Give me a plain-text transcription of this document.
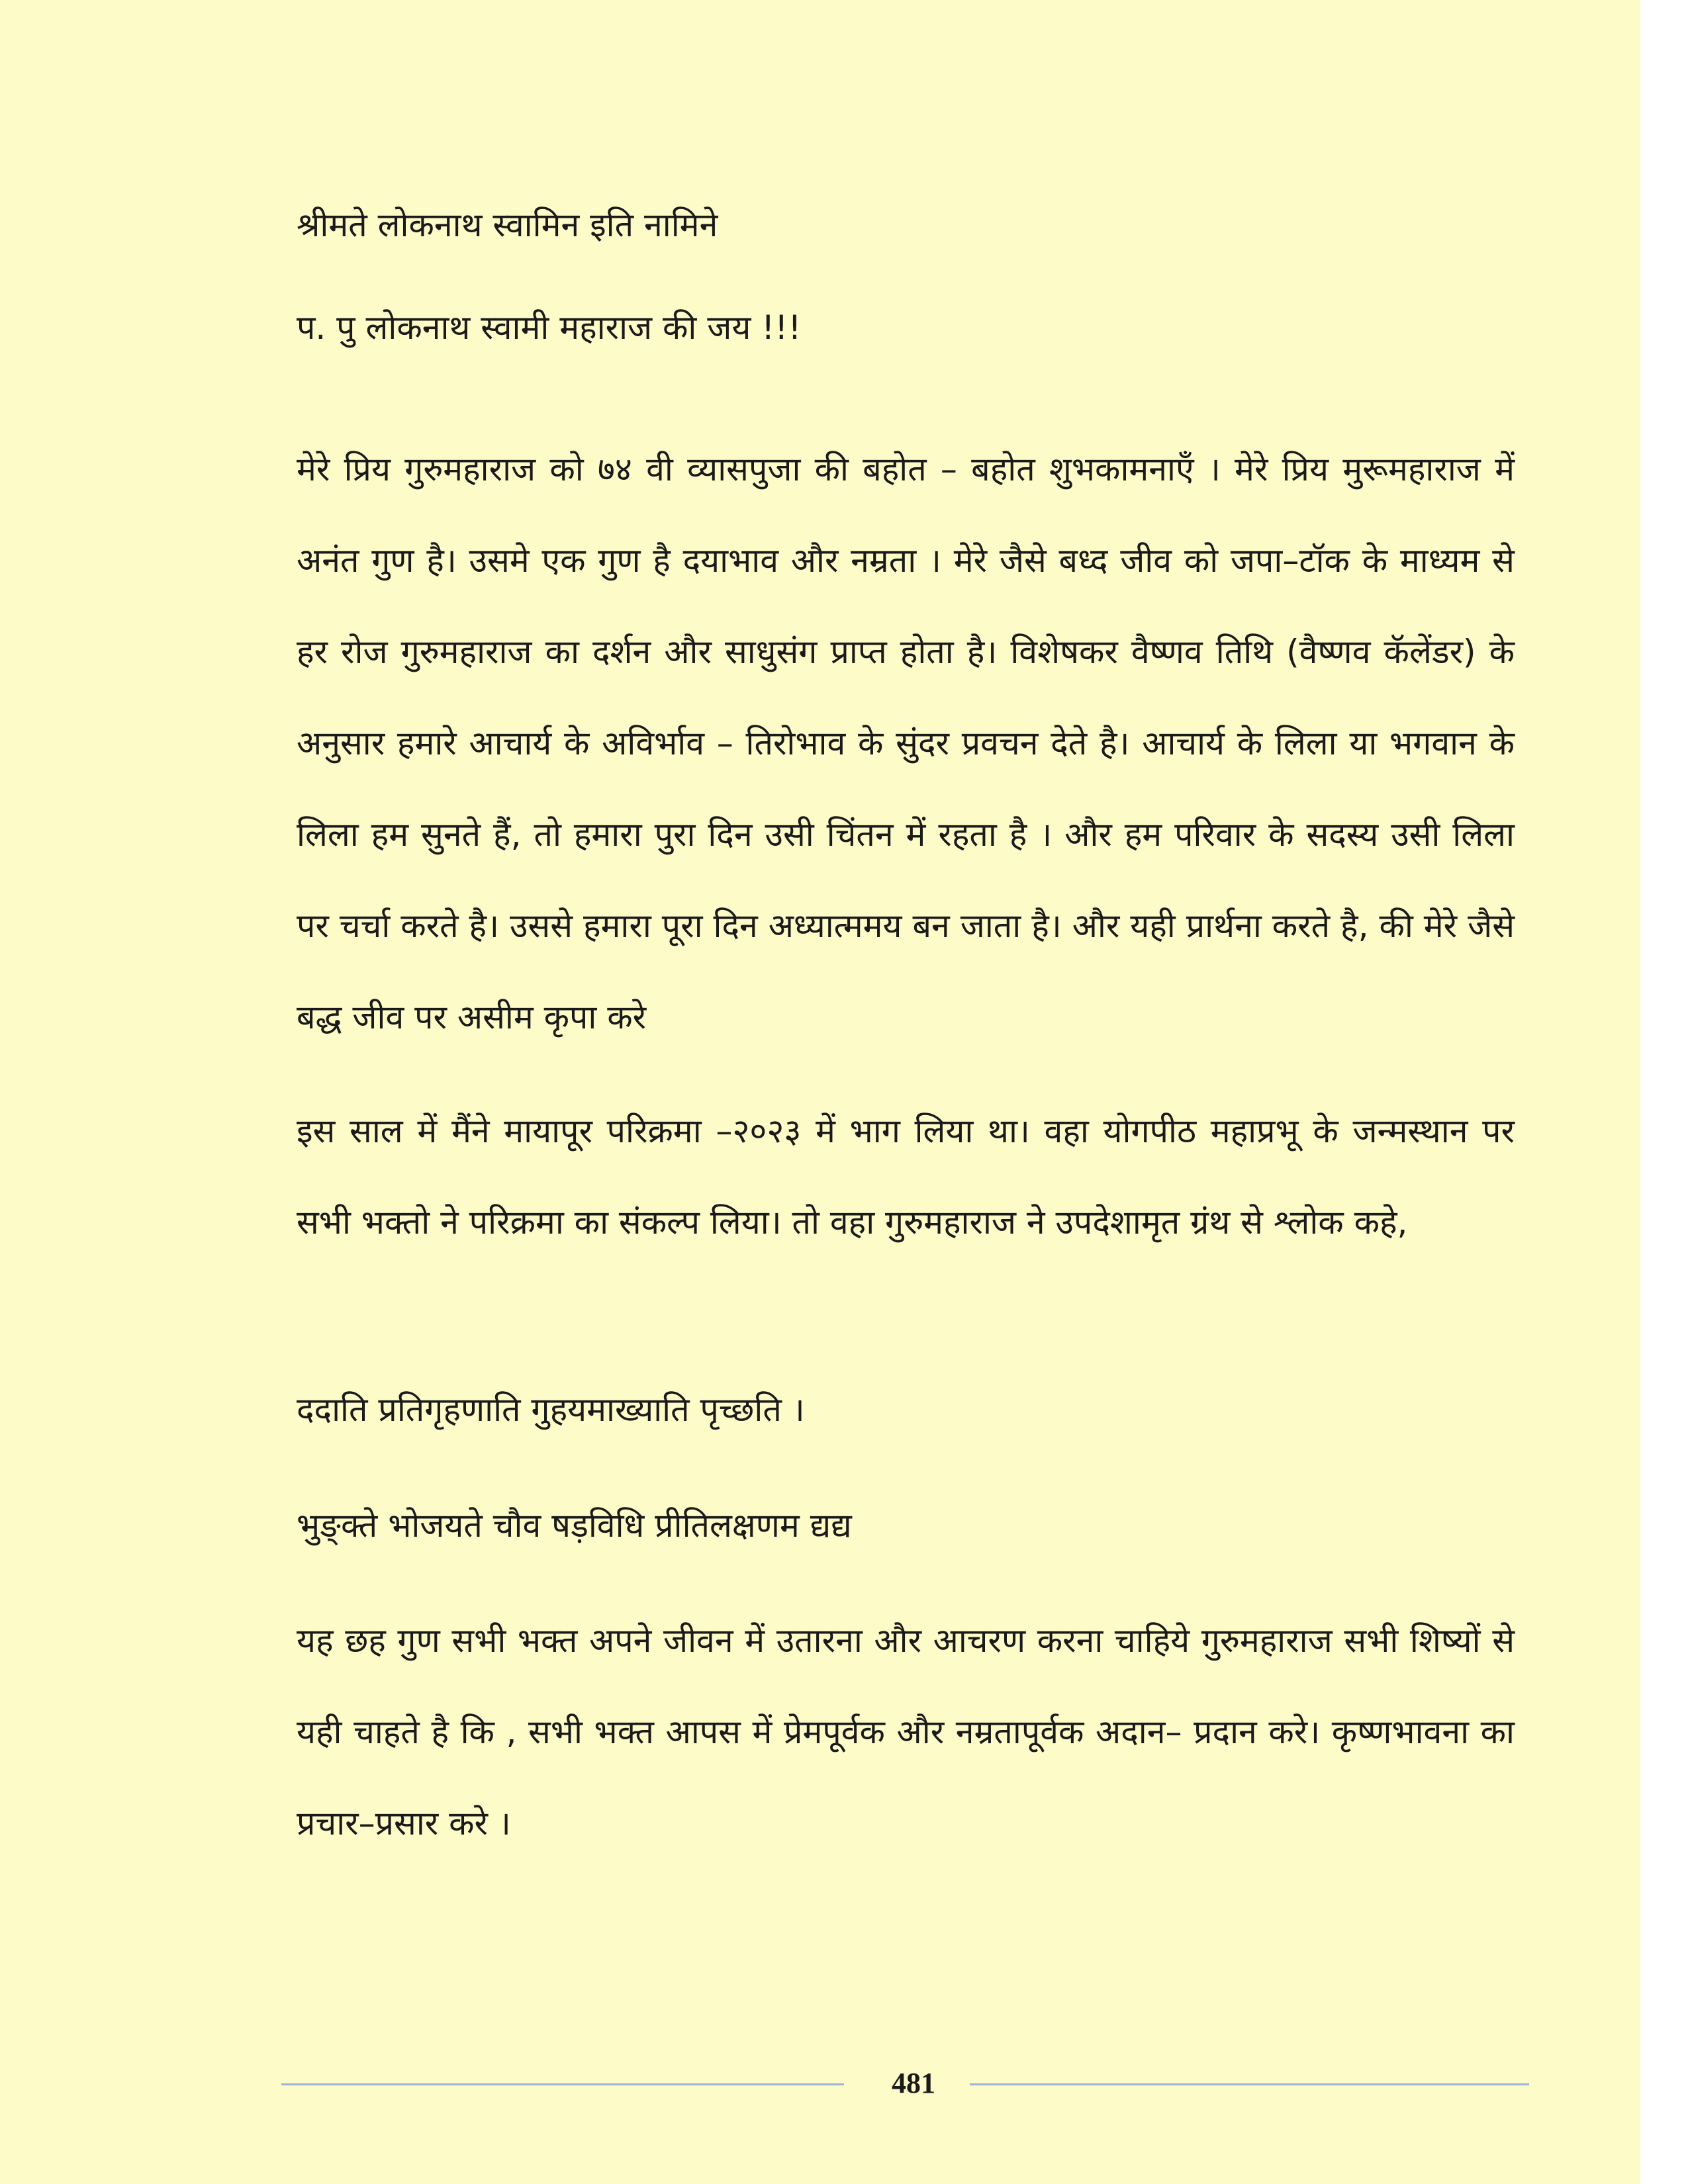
श्रीमते लोकनाथ स्वामिन इति नामिने
प. पु लोकनाथ स्वामी महाराज की जय !!!
मेरे प्रिय गुरुमहाराज को ७४ वी व्यासपुजा की बहोत – बहोत शुभकामनाएँ । मेरे प्रिय मुरूमहाराज में अनंत गुण है। उसमे एक गुण है दयाभाव और नम्रता । मेरे जैसे बध्द जीव को जपा–टॉक के माध्यम से हर रोज गुरुमहाराज का दर्शन और साधुसंग प्राप्त होता है। विशेषकर वैष्णव तिथि (वैष्णव कॅलेंडर) के अनुसार हमारे आचार्य के अविर्भाव – तिरोभाव के सुंदर प्रवचन देते है। आचार्य के लिला या भगवान के लिला हम सुनते हैं, तो हमारा पुरा दिन उसी चिंतन में रहता है । और हम परिवार के सदस्य उसी लिला पर चर्चा करते है। उससे हमारा पूरा दिन अध्यात्ममय बन जाता है। और यही प्रार्थना करते है, की मेरे जैसे बद्ध जीव पर असीम कृपा करे
इस साल में मैंने मायापूर परिक्रमा –२०२३ में भाग लिया था। वहा योगपीठ महाप्रभू के जन्मस्थान पर सभी भक्तो ने परिक्रमा का संकल्प लिया। तो वहा गुरुमहाराज ने उपदेशामृत ग्रंथ से श्लोक कहे,
ददाति प्रतिगृहणाति गुहयमाख्याति पृच्छति ।
भुङ्क्ते भोजयते चौव षड़विधि प्रीतिलक्षणम द्यद्य
यह छह गुण सभी भक्त अपने जीवन में उतारना और आचरण करना चाहिये गुरुमहाराज सभी शिष्यों से यही चाहते है कि , सभी भक्त आपस में प्रेमपूर्वक और नम्रतापूर्वक अदान– प्रदान करे। कृष्णभावना का प्रचार–प्रसार करे ।
481
